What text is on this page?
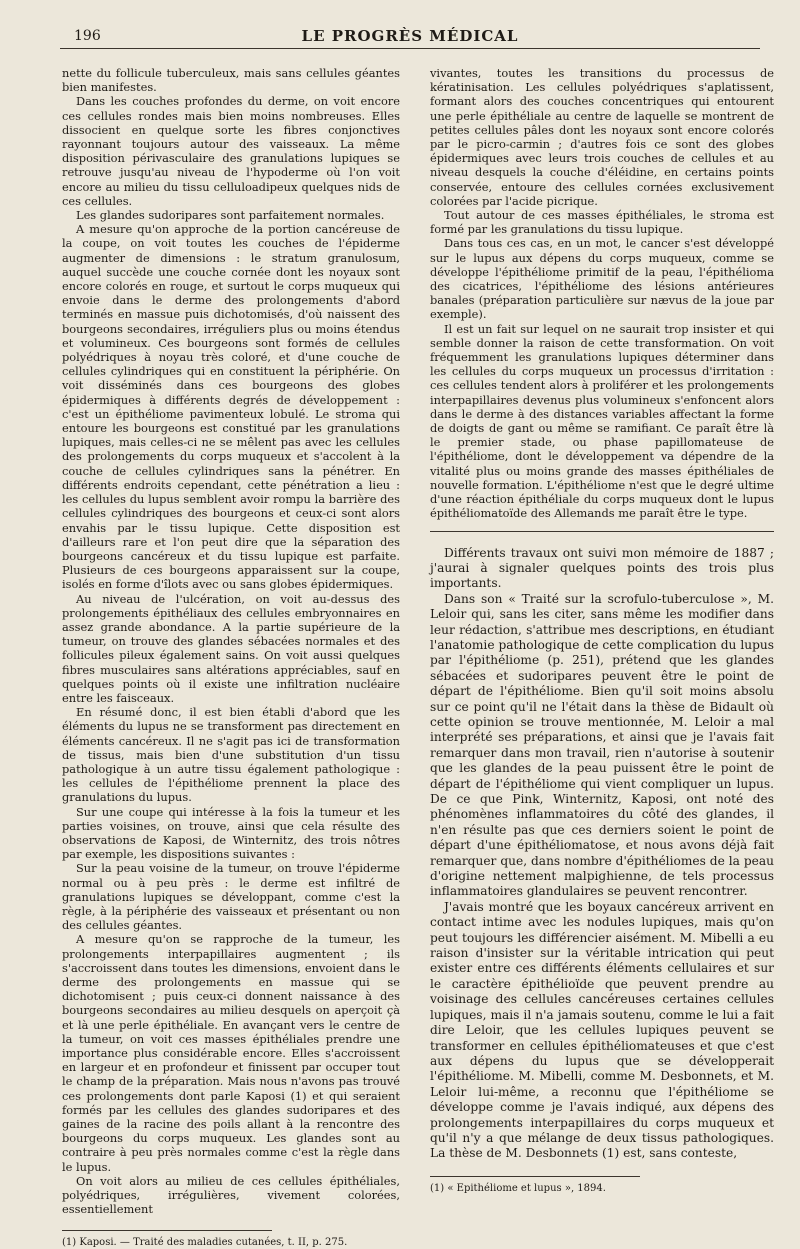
196	LE PROGRÈS MÉDICAL

nette du follicule tuberculeux, mais sans cellules géantes bien manifestes.

Dans les couches profondes du derme, on voit encore ces cellules rondes mais bien moins nombreuses. Elles dissocient en quelque sorte les fibres conjonctives rayonnant toujours autour des vaisseaux. La même disposition périvasculaire des granulations lupiques se retrouve jusqu'au niveau de l'hypoderme où l'on voit encore au milieu du tissu celluloadipeux quelques nids de ces cellules.

Les glandes sudoripares sont parfaitement normales.

A mesure qu'on approche de la portion cancéreuse de la coupe, on voit toutes les couches de l'épiderme augmenter de dimensions : le stratum granulosum, auquel succède une couche cornée dont les noyaux sont encore colorés en rouge, et surtout le corps muqueux qui envoie dans le derme des prolongements d'abord terminés en massue puis dichotomisés, d'où naissent des bourgeons secondaires, irréguliers plus ou moins étendus et volumineux. Ces bourgeons sont formés de cellules polyédriques à noyau très coloré, et d'une couche de cellules cylindriques qui en constituent la périphérie. On voit disséminés dans ces bourgeons des globes épidermiques à différents degrés de développement : c'est un épithéliome pavimenteux lobulé. Le stroma qui entoure les bourgeons est constitué par les granulations lupiques, mais celles-ci ne se mêlent pas avec les cellules des prolongements du corps muqueux et s'accolent à la couche de cellules cylindriques sans la pénétrer. En différents endroits cependant, cette pénétration a lieu : les cellules du lupus semblent avoir rompu la barrière des cellules cylindriques des bourgeons et ceux-ci sont alors envahis par le tissu lupique. Cette disposition est d'ailleurs rare et l'on peut dire que la séparation des bourgeons cancéreux et du tissu lupique est parfaite. Plusieurs de ces bourgeons apparaissent sur la coupe, isolés en forme d'îlots avec ou sans globes épidermiques.

Au niveau de l'ulcération, on voit au-dessus des prolongements épithéliaux des cellules embryonnaires en assez grande abondance. A la partie supérieure de la tumeur, on trouve des glandes sébacées normales et des follicules pileux également sains. On voit aussi quelques fibres musculaires sans altérations appréciables, sauf en quelques points où il existe une infiltration nucléaire entre les faisceaux.

En résumé donc, il est bien établi d'abord que les éléments du lupus ne se transforment pas directement en éléments cancéreux. Il ne s'agit pas ici de transformation de tissus, mais bien d'une substitution d'un tissu pathologique à un autre tissu également pathologique : les cellules de l'épithéliome prennent la place des granulations du lupus.

Sur une coupe qui intéresse à la fois la tumeur et les parties voisines, on trouve, ainsi que cela résulte des observations de Kaposi, de Winternitz, des trois nôtres par exemple, les dispositions suivantes :

Sur la peau voisine de la tumeur, on trouve l'épiderme normal ou à peu près : le derme est infiltré de granulations lupiques se développant, comme c'est la règle, à la périphérie des vaisseaux et présentant ou non des cellules géantes.

A mesure qu'on se rapproche de la tumeur, les prolongements interpapillaires augmentent ; ils s'accroissent dans toutes les dimensions, envoient dans le derme des prolongements en massue qui se dichotomisent ; puis ceux-ci donnent naissance à des bourgeons secondaires au milieu desquels on aperçoit çà et là une perle épithéliale. En avançant vers le centre de la tumeur, on voit ces masses épithéliales prendre une importance plus considérable encore. Elles s'accroissent en largeur et en profondeur et finissent par occuper tout le champ de la préparation. Mais nous n'avons pas trouvé ces prolongements dont parle Kaposi (1) et qui seraient formés par les cellules des glandes sudoripares et des gaines de la racine des poils allant à la rencontre des bourgeons du corps muqueux. Les glandes sont au contraire à peu près normales comme c'est la règle dans le lupus.

On voit alors au milieu de ces cellules épithéliales, polyédriques, irrégulières, vivement colorées, essentiellement

(1) Kaposi. — Traité des maladies cutanées, t. II, p. 275.

vivantes, toutes les transitions du processus de kératinisation. Les cellules polyédriques s'aplatissent, formant alors des couches concentriques qui entourent une perle épithéliale au centre de laquelle se montrent de petites cellules pâles dont les noyaux sont encore colorés par le picro-carmin ; d'autres fois ce sont des globes épidermiques avec leurs trois couches de cellules et au niveau desquels la couche d'éléidine, en certains points conservée, entoure des cellules cornées exclusivement colorées par l'acide picrique.

Tout autour de ces masses épithéliales, le stroma est formé par les granulations du tissu lupique.

Dans tous ces cas, en un mot, le cancer s'est développé sur le lupus aux dépens du corps muqueux, comme se développe l'épithéliome primitif de la peau, l'épithélioma des cicatrices, l'épithéliome des lésions antérieures banales (préparation particulière sur nævus de la joue par exemple).

Il est un fait sur lequel on ne saurait trop insister et qui semble donner la raison de cette transformation. On voit fréquemment les granulations lupiques déterminer dans les cellules du corps muqueux un processus d'irritation : ces cellules tendent alors à proliférer et les prolongements interpapillaires devenus plus volumineux s'enfoncent alors dans le derme à des distances variables affectant la forme de doigts de gant ou même se ramifiant. Ce paraît être là le premier stade, ou phase papillomateuse de l'épithéliome, dont le développement va dépendre de la vitalité plus ou moins grande des masses épithéliales de nouvelle formation. L'épithéliome n'est que le degré ultime d'une réaction épithéliale du corps muqueux dont le lupus épithéliomatoïde des Allemands me paraît être le type.

Différents travaux ont suivi mon mémoire de 1887 ; j'aurai à signaler quelques points des trois plus importants.

Dans son « Traité sur la scrofulo-tuberculose », M. Leloir qui, sans les citer, sans même les modifier dans leur rédaction, s'attribue mes descriptions, en étudiant l'anatomie pathologique de cette complication du lupus par l'épithéliome (p. 251), prétend que les glandes sébacées et sudoripares peuvent être le point de départ de l'épithéliome. Bien qu'il soit moins absolu sur ce point qu'il ne l'était dans la thèse de Bidault où cette opinion se trouve mentionnée, M. Leloir a mal interprété ses préparations, et ainsi que je l'avais fait remarquer dans mon travail, rien n'autorise à soutenir que les glandes de la peau puissent être le point de départ de l'épithéliome qui vient compliquer un lupus. De ce que Pink, Winternitz, Kaposi, ont noté des phénomènes inflammatoires du côté des glandes, il n'en résulte pas que ces derniers soient le point de départ d'une épithéliomatose, et nous avons déjà fait remarquer que, dans nombre d'épithéliomes de la peau d'origine nettement malpighienne, de tels processus inflammatoires glandulaires se peuvent rencontrer.

J'avais montré que les boyaux cancéreux arrivent en contact intime avec les nodules lupiques, mais qu'on peut toujours les différencier aisément. M. Mibelli a eu raison d'insister sur la véritable intrication qui peut exister entre ces différents éléments cellulaires et sur le caractère épithélioïde que peuvent prendre au voisinage des cellules cancéreuses certaines cellules lupiques, mais il n'a jamais soutenu, comme le lui a fait dire Leloir, que les cellules lupiques peuvent se transformer en cellules épithéliomateuses et que c'est aux dépens du lupus que se développerait l'épithéliome. M. Mibelli, comme M. Desbonnets, et M. Leloir lui-même, a reconnu que l'épithéliome se développe comme je l'avais indiqué, aux dépens des prolongements interpapillaires du corps muqueux et qu'il n'y a que mélange de deux tissus pathologiques. La thèse de M. Desbonnets (1) est, sans conteste,

(1) « Epithéliome et lupus », 1894.
